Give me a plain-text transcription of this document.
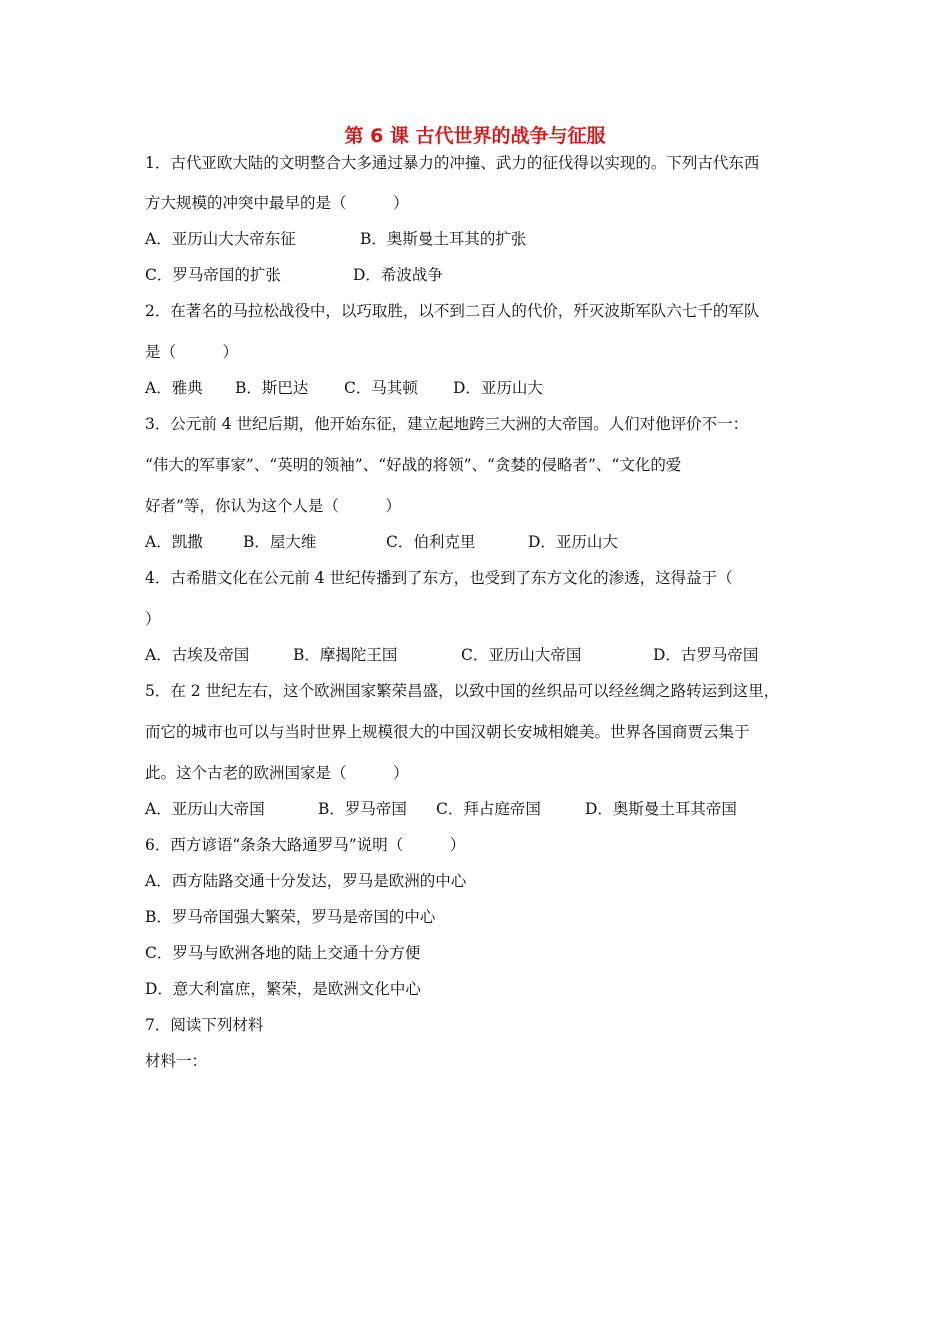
第 6 课 古代世界的战争与征服
1．古代亚欧大陆的文明整合大多通过暴力的冲撞、武力的征伐得以实现的。下列古代东西
方大规模的冲突中最早的是（　　　）
A．亚历山大大帝东征	B．奥斯曼土耳其的扩张
C．罗马帝国的扩张	D．希波战争
2．在著名的马拉松战役中，以巧取胜，以不到二百人的代价，歼灭波斯军队六七千的军队
是（　　　）
A．雅典 B．斯巴达 C．马其顿 D．亚历山大
3．公元前 4 世纪后期，他开始东征，建立起地跨三大洲的大帝国。人们对他评价不一：
“伟大的军事家”、“英明的领袖”、“好战的将领”、“贪婪的侵略者”、“文化的爱
好者”等，你认为这个人是（　　　）
A．凯撒	B．屋大维	C．伯利克里	D．亚历山大
4．古希腊文化在公元前 4 世纪传播到了东方，也受到了东方文化的渗透，这得益于（
）
A．古埃及帝国	B．摩揭陀王国	C．亚历山大帝国	D．古罗马帝国
5．在 2 世纪左右，这个欧洲国家繁荣昌盛，以致中国的丝织品可以经丝绸之路转运到这里，
而它的城市也可以与当时世界上规模很大的中国汉朝长安城相媲美。世界各国商贾云集于
此。这个古老的欧洲国家是（　　　）
A．亚历山大帝国	B．罗马帝国 C．拜占庭帝国	D．奥斯曼土耳其帝国
6．西方谚语“条条大路通罗马”说明（　　　）
A．西方陆路交通十分发达，罗马是欧洲的中心
B．罗马帝国强大繁荣，罗马是帝国的中心
C．罗马与欧洲各地的陆上交通十分方便
D．意大利富庶，繁荣，是欧洲文化中心
7．阅读下列材料
材料一：
